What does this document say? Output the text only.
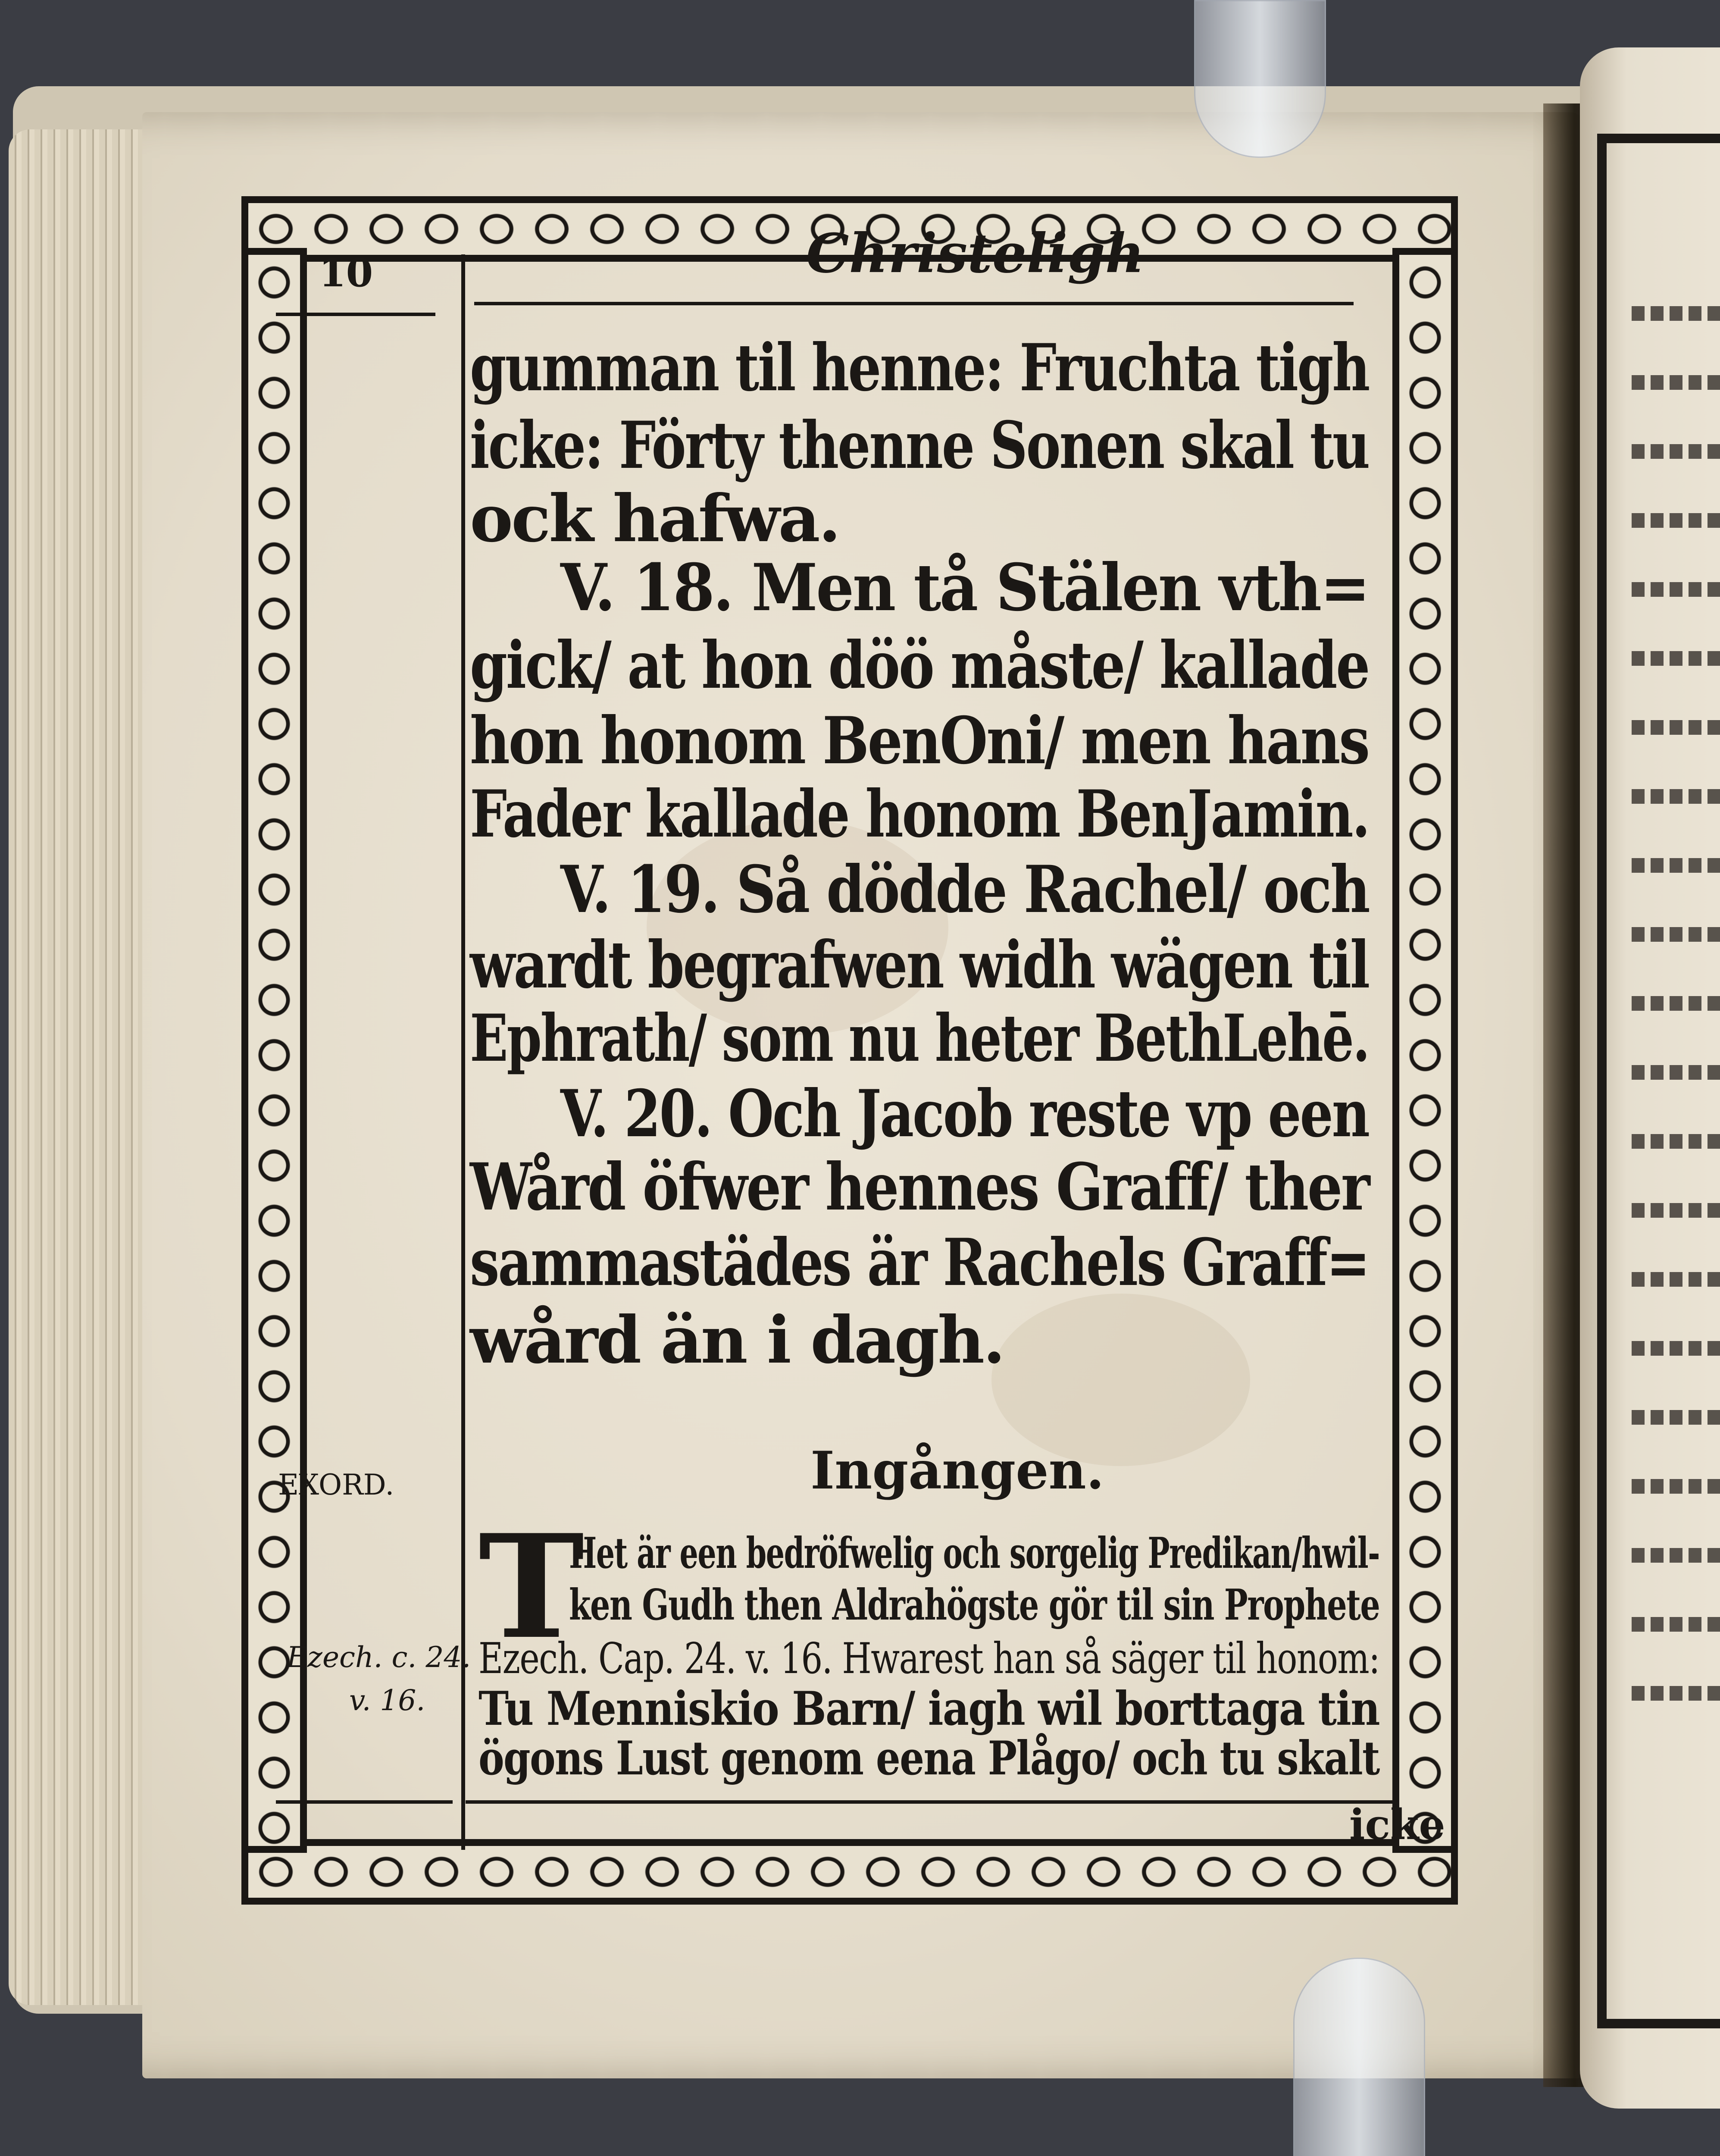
10	Christeligh
gumman til henne: Fruchta tigh
icke: Förty thenne Sonen skal tu
ock hafwa.
V. 18. Men tå Stälen vth=
gick/ at hon döö måste/ kallade
hon honom BenOni/ men hans
Fader kallade honom BenJamin.
V. 19. Så dödde Rachel/ och
wardt begrafwen widh wägen til
Ephrath/ som nu heter BethLehē.
V. 20. Och Jacob reste vp een
Wård öfwer hennes Graff/ ther
sammastädes är Rachels Graff=
wård än i dagh.
Ingången.
EXORD.
Ezech. c. 24.
v. 16.
T
Het är een bedröfwelig och sorgelig Predikan/hwil-
ken Gudh then Aldrahögste gör til sin Prophete
Ezech. Cap. 24. v. 16. Hwarest han så säger til honom:
Tu Menniskio Barn/ iagh wil borttaga tin
ögons Lust genom eena Plågo/ och tu skalt
icke
